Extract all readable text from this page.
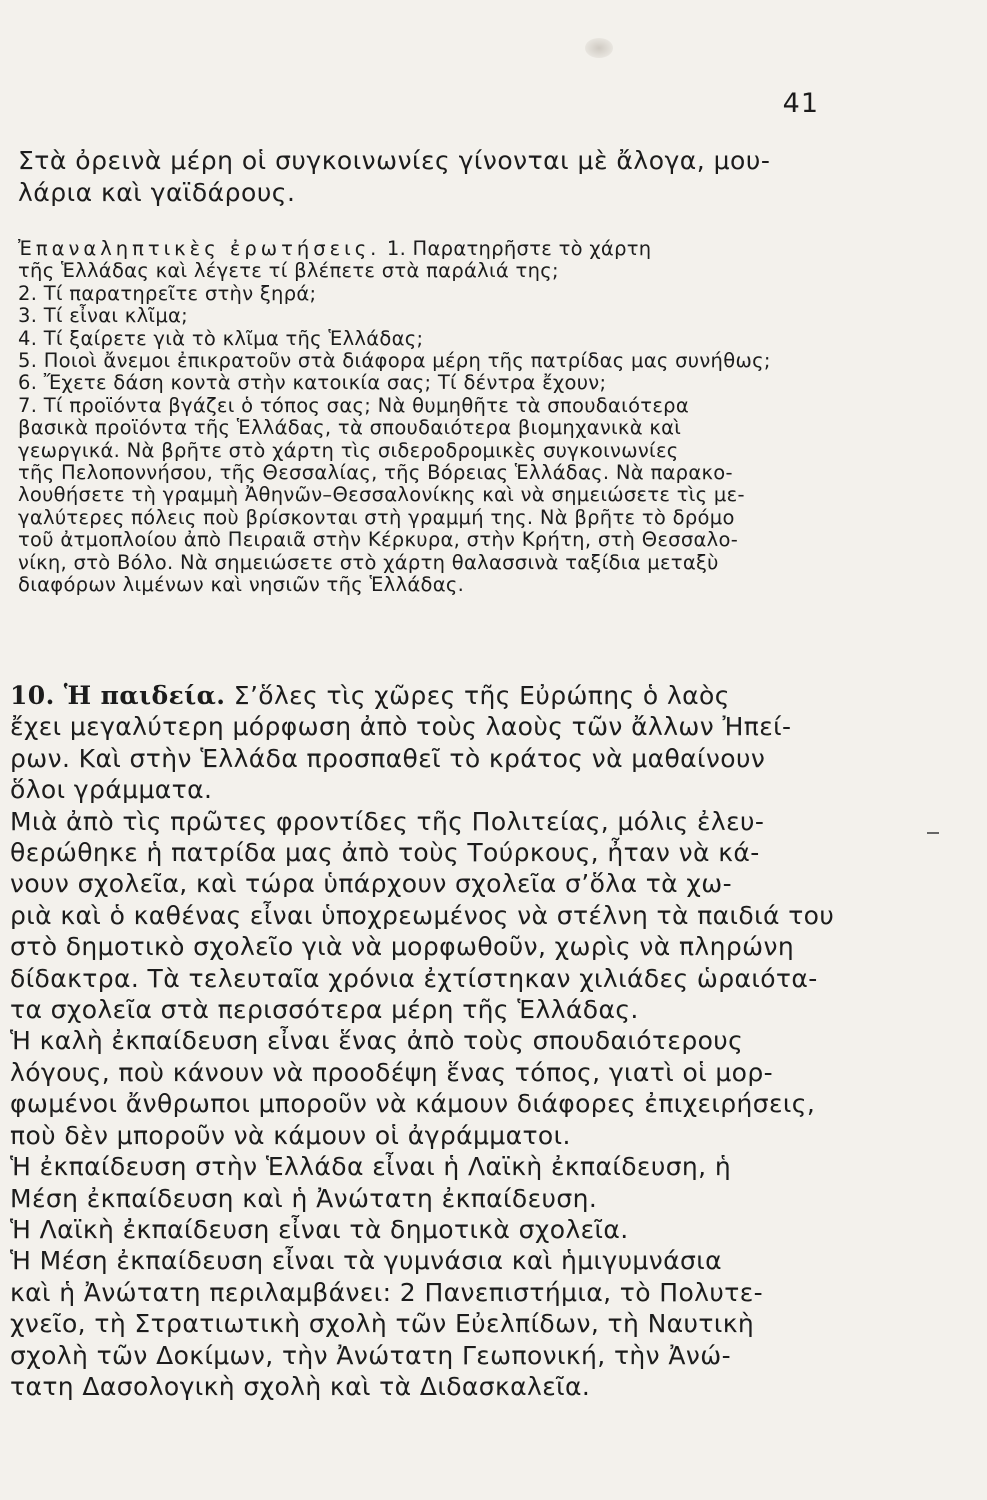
41

Στὰ ὀρεινὰ μέρη οἱ συγκοινωνίες γίνονται μὲ ἄλογα, μου-

λάρια καὶ γαϊδάρους.

Ἐπαναληπτικὲς ἐρωτήσεις. 1. Παρατηρῆστε τὸ χάρτη

τῆς Ἑλλάδας καὶ λέγετε τί βλέπετε στὰ παράλιά της;

2. Τί παρατηρεῖτε στὴν ξηρά;

3. Τί εἶναι κλῖμα;

4. Τί ξαίρετε γιὰ τὸ κλῖμα τῆς Ἑλλάδας;

5. Ποιοὶ ἄνεμοι ἐπικρατοῦν στὰ διάφορα μέρη τῆς πατρίδας μας συνήθως;

6. Ἔχετε δάση κοντὰ στὴν κατοικία σας; Τί δέντρα ἔχουν;

7. Τί προϊόντα βγάζει ὁ τόπος σας; Νὰ θυμηθῆτε τὰ σπουδαιότερα

βασικὰ προϊόντα τῆς Ἑλλάδας, τὰ σπουδαιότερα βιομηχανικὰ καὶ

γεωργικά. Νὰ βρῆτε στὸ χάρτη τὶς σιδεροδρομικὲς συγκοινωνίες

τῆς Πελοποννήσου, τῆς Θεσσαλίας, τῆς Βόρειας Ἑλλάδας. Νὰ παρακο-

λουθήσετε τὴ γραμμὴ Ἀθηνῶν–Θεσσαλονίκης καὶ νὰ σημειώσετε τὶς με-

γαλύτερες πόλεις ποὺ βρίσκονται στὴ γραμμή της. Νὰ βρῆτε τὸ δρόμο

τοῦ ἀτμοπλοίου ἀπὸ Πειραιᾶ στὴν Κέρκυρα, στὴν Κρήτη, στὴ Θεσσαλο-

νίκη, στὸ Βόλο. Νὰ σημειώσετε στὸ χάρτη θαλασσινὰ ταξίδια μεταξὺ

διαφόρων λιμένων καὶ νησιῶν τῆς Ἑλλάδας.

10. Ἡ παιδεία. Σ’ὅλες τὶς χῶρες τῆς Εὐρώπης ὁ λαὸς

ἔχει μεγαλύτερη μόρφωση ἀπὸ τοὺς λαοὺς τῶν ἄλλων Ἠπεί-

ρων. Καὶ στὴν Ἑλλάδα προσπαθεῖ τὸ κράτος νὰ μαθαίνουν

ὅλοι γράμματα.

Μιὰ ἀπὸ τὶς πρῶτες φροντίδες τῆς Πολιτείας, μόλις ἐλευ-

θερώθηκε ἡ πατρίδα μας ἀπὸ τοὺς Τούρκους, ἦταν νὰ κά-

νουν σχολεῖα, καὶ τώρα ὑπάρχουν σχολεῖα σ’ὅλα τὰ χω-

ριὰ καὶ ὁ καθένας εἶναι ὑποχρεωμένος νὰ στέλνη τὰ παιδιά του

στὸ δημοτικὸ σχολεῖο γιὰ νὰ μορφωθοῦν, χωρὶς νὰ πληρώνη

δίδακτρα. Τὰ τελευταῖα χρόνια ἐχτίστηκαν χιλιάδες ὡραιότα-

τα σχολεῖα στὰ περισσότερα μέρη τῆς Ἑλλάδας.

Ἡ καλὴ ἐκπαίδευση εἶναι ἕνας ἀπὸ τοὺς σπουδαιότερους

λόγους, ποὺ κάνουν νὰ προοδέψη ἕνας τόπος, γιατὶ οἱ μορ-

φωμένοι ἄνθρωποι μποροῦν νὰ κάμουν διάφορες ἐπιχειρήσεις,

ποὺ δὲν μποροῦν νὰ κάμουν οἱ ἀγράμματοι.

Ἡ ἐκπαίδευση στὴν Ἑλλάδα εἶναι ἡ Λαϊκὴ ἐκπαίδευση, ἡ

Μέση ἐκπαίδευση καὶ ἡ Ἀνώτατη ἐκπαίδευση.

Ἡ Λαϊκὴ ἐκπαίδευση εἶναι τὰ δημοτικὰ σχολεῖα.

Ἡ Μέση ἐκπαίδευση εἶναι τὰ γυμνάσια καὶ ἡμιγυμνάσια

καὶ ἡ Ἀνώτατη περιλαμβάνει: 2 Πανεπιστήμια, τὸ Πολυτε-

χνεῖο, τὴ Στρατιωτικὴ σχολὴ τῶν Εὐελπίδων, τὴ Ναυτικὴ

σχολὴ τῶν Δοκίμων, τὴν Ἀνώτατη Γεωπονική, τὴν Ἀνώ-

τατη Δασολογικὴ σχολὴ καὶ τὰ Διδασκαλεῖα.
